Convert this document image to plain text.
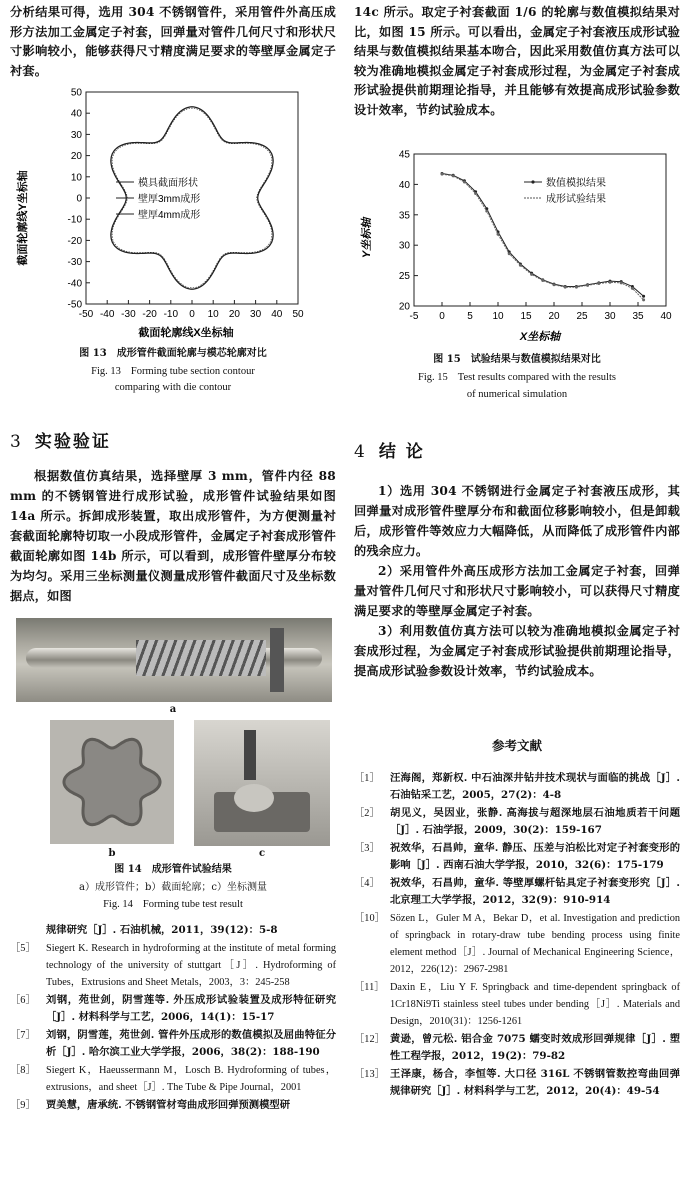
分析结果可得，选用 304 不锈钢管件，采用管件外高压成形方法加工金属定子衬套，回弹量对管件几何尺寸和形状尺寸影响较小，能够获得尺寸精度满足要求的等壁厚金属定子衬套。

-50 -40 -30 -20 -10 0 10 20 30 40 50
-50
-40
-30
-20
-10
0
10
20
30
40
50
截面轮廓线X坐标轴
截面轮廓线Y坐标轴	模具截面形状
壁厚3mm成形
壁厚4mm成形

图 13 成形管件截面轮廓与模芯轮廓对比

Fig. 13 Forming tube section contour

comparing with die contour

3 实验验证

根据数值仿真结果，选择壁厚 3 mm，管件内径 88 mm 的不锈钢管进行成形试验，成形管件试验结果如图 14a 所示。拆卸成形装置，取出成形管件，为方便测量衬套截面轮廓特切取一小段成形管件，金属定子衬套成形管件截面轮廓如图 14b 所示，可以看到，成形管件壁厚分布较为均匀。采用三坐标测量仪测量成形管件截面尺寸及坐标数据点，如图

a

b	c

图 14 成形管件试验结果

a）成形管件；b）截面轮廓；c）坐标测量

Fig. 14 Forming tube test result

规律研究［J］. 石油机械，2011，39(12)：5-8
［5］ Siegert K. Research in hydroforming at the institute of metal forming technology of the university of stuttgart［J］. Hydroforming of Tubes，Extrusions and Sheet Metals，2003，3：245-258
［6］ 刘钢，苑世剑，阴雪莲等. 外压成形试验装置及成形特征研究［J］. 材料科学与工艺，2006，14(1)：15-17
［7］ 刘钢，阴雪莲，苑世剑. 管件外压成形的数值模拟及屈曲特征分析［J］. 哈尔滨工业大学学报，2006，38(2)：188-190
［8］ Siegert K，Haeussermann M，Losch B. Hydroforming of tubes，extrusions，and sheet［J］. The Tube & Pipe Journal，2001
［9］ 贾美慧，唐承统. 不锈钢管材弯曲成形回弹预测模型研

14c 所示。取定子衬套截面 1/6 的轮廓与数值模拟结果对比，如图 15 所示。可以看出，金属定子衬套液压成形试验结果与数值模拟结果基本吻合，因此采用数值仿真方法可以较为准确地模拟金属定子衬套成形过程，为金属定子衬套成形试验提供前期理论指导，并且能够有效提高成形试验参数设计效率，节约试验成本。

-5 0 5 10 15 20 25 30 35 40
20
25
30
35
40
45
X坐标轴
Y坐标轴
数值模拟结果
成形试验结果

图 15 试验结果与数值模拟结果对比

Fig. 15 Test results compared with the results

of numerical simulation

4 结 论

1）选用 304 不锈钢进行金属定子衬套液压成形，其回弹量对成形管件壁厚分布和截面位移影响较小，但是卸载后，成形管件等效应力大幅降低，从而降低了成形管件内部的残余应力。

2）采用管件外高压成形方法加工金属定子衬套，回弹量对管件几何尺寸和形状尺寸影响较小，可以获得尺寸精度满足要求的等壁厚金属定子衬套。

3）利用数值仿真方法可以较为准确地模拟金属定子衬套成形过程，为金属定子衬套成形试验提供前期理论指导，提高成形试验参数设计效率，节约试验成本。

参考文献

［1］ 汪海阁，郑新权. 中石油深井钻井技术现状与面临的挑战［J］. 石油钻采工艺，2005，27(2)：4-8
［2］ 胡见义，吴因业，张静. 高海拔与超深地层石油地质若干问题［J］. 石油学报，2009，30(2)：159-167
［3］ 祝效华，石昌帅，童华. 静压、压差与泊松比对定子衬套变形的影响［J］. 西南石油大学学报，2010，32(6)：175-179
［4］ 祝效华，石昌帅，童华. 等壁厚螺杆钻具定子衬套变形究［J］. 北京理工大学学报，2012，32(9)：910-914
［10］ Sözen L，Guler M A，Bekar D，et al. Investigation and prediction of springback in rotary-draw tube bending process using finite element method［J］. Journal of Mechanical Engineering Science，2012，226(12)：2967-2981
［11］ Daxin E，Liu Y F. Springback and time-dependent springback of 1Cr18Ni9Ti stainless steel tubes under bending［J］. Materials and Design，2010(31)：1256-1261
［12］ 黄逊，曾元松. 铝合金 7075 蠕变时效成形回弹规律［J］. 塑性工程学报，2012，19(2)：79-82
［13］ 王泽康，杨合，李恒等. 大口径 316L 不锈钢管数控弯曲回弹规律研究［J］. 材料科学与工艺，2012，20(4)：49-54
